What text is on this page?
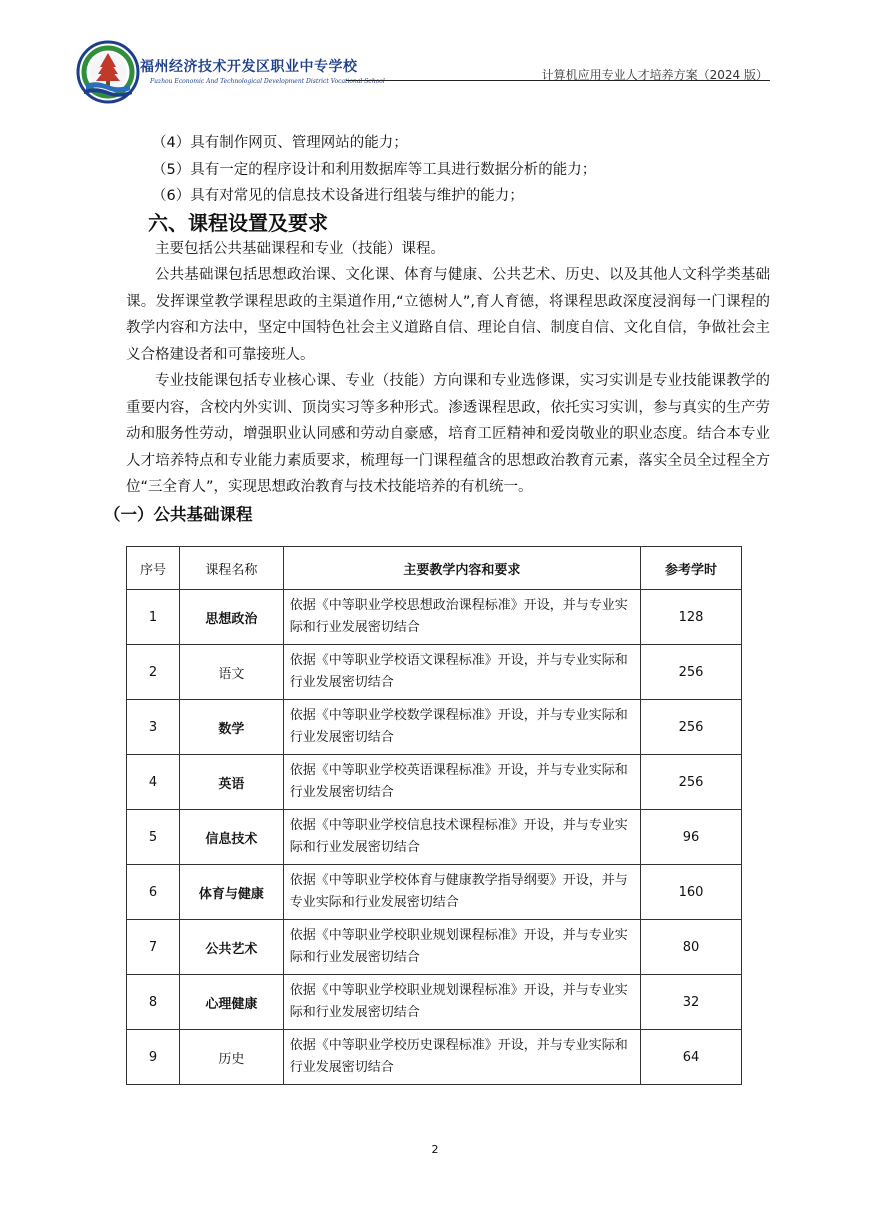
福州经济技术开发区职业中专学校
Fuzhou Economic And Technological Development District Vocational School	计算机应用专业人才培养方案（2024 版）

（4）具有制作网页、管理网站的能力；

（5）具有一定的程序设计和利用数据库等工具进行数据分析的能力；

（6）具有对常见的信息技术设备进行组装与维护的能力；

六、课程设置及要求

主要包括公共基础课程和专业（技能）课程。

公共基础课包括思想政治课、文化课、体育与健康、公共艺术、历史、以及其他人文科学类基础课。发挥课堂教学课程思政的主渠道作用,“立德树人”,育人育德，将课程思政深度浸润每一门课程的教学内容和方法中，坚定中国特色社会主义道路自信、理论自信、制度自信、文化自信，争做社会主义合格建设者和可靠接班人。

专业技能课包括专业核心课、专业（技能）方向课和专业选修课，实习实训是专业技能课教学的重要内容，含校内外实训、顶岗实习等多种形式。渗透课程思政，依托实习实训，参与真实的生产劳动和服务性劳动，增强职业认同感和劳动自豪感，培育工匠精神和爱岗敬业的职业态度。结合本专业人才培养特点和专业能力素质要求，梳理每一门课程蕴含的思想政治教育元素，落实全员全过程全方位“三全育人”，实现思想政治教育与技术技能培养的有机统一。

（一）公共基础课程
序号	课程名称	主要教学内容和要求	参考学时
1	思想政治	依据《中等职业学校思想政治课程标准》开设，并与专业实际和行业发展密切结合	128
2	语文	依据《中等职业学校语文课程标准》开设，并与专业实际和行业发展密切结合	256
3	数学	依据《中等职业学校数学课程标准》开设，并与专业实际和行业发展密切结合	256
4	英语	依据《中等职业学校英语课程标准》开设，并与专业实际和行业发展密切结合	256
5	信息技术	依据《中等职业学校信息技术课程标准》开设，并与专业实际和行业发展密切结合	96
6	体育与健康	依据《中等职业学校体育与健康教学指导纲要》开设，并与专业实际和行业发展密切结合	160
7	公共艺术	依据《中等职业学校职业规划课程标准》开设，并与专业实际和行业发展密切结合	80
8	心理健康	依据《中等职业学校职业规划课程标准》开设，并与专业实际和行业发展密切结合	32
9	历史	依据《中等职业学校历史课程标准》开设，并与专业实际和行业发展密切结合	64
2
